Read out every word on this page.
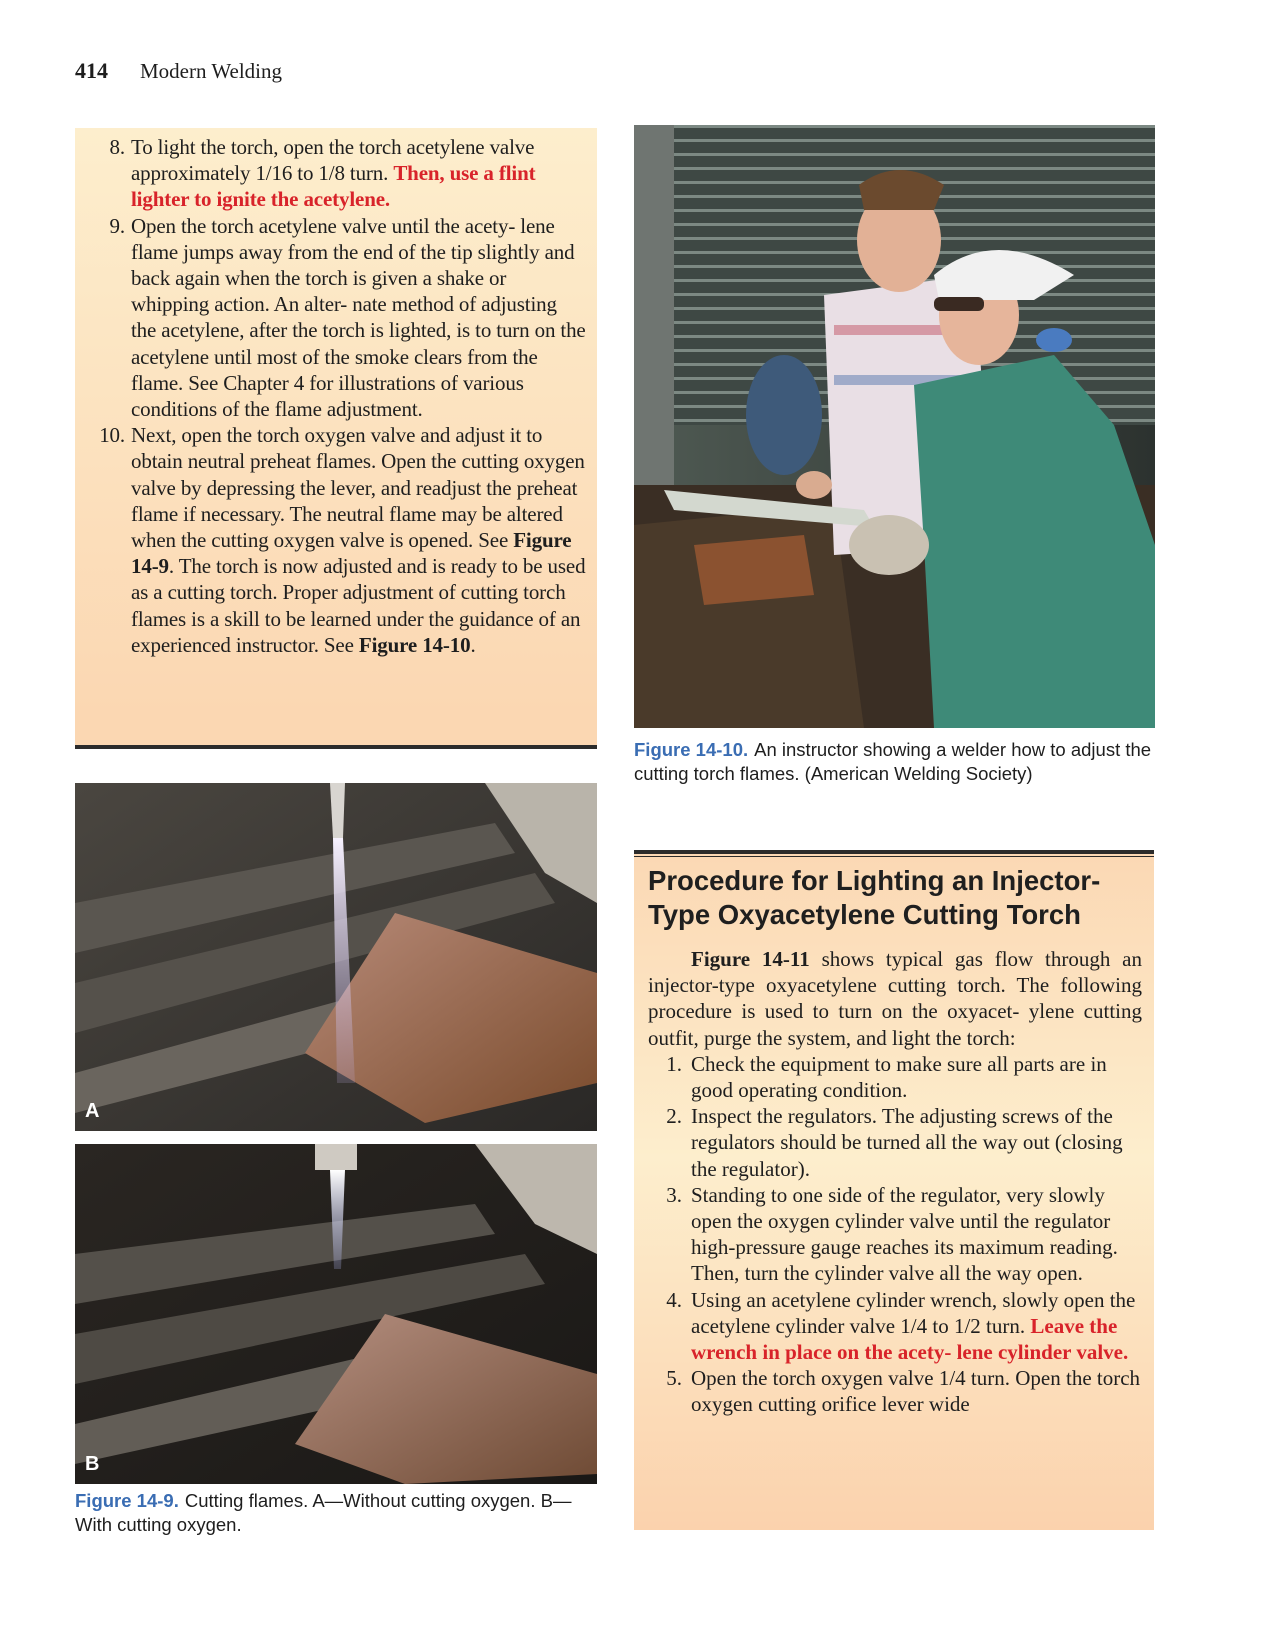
414 Modern Welding
8. To light the torch, open the torch acetylene valve approximately 1/16 to 1/8 turn. Then, use a flint lighter to ignite the acetylene.
9. Open the torch acetylene valve until the acety- lene flame jumps away from the end of the tip slightly and back again when the torch is given a shake or whipping action. An alter- nate method of adjusting the acetylene, after the torch is lighted, is to turn on the acetylene until most of the smoke clears from the flame. See Chapter 4 for illustrations of various conditions of the flame adjustment.
10. Next, open the torch oxygen valve and adjust it to obtain neutral preheat flames. Open the cutting oxygen valve by depressing the lever, and readjust the preheat flame if necessary. The neutral flame may be altered when the cutting oxygen valve is opened. See Figure 14-9. The torch is now adjusted and is ready to be used as a cutting torch. Proper adjustment of cutting torch flames is a skill to be learned under the guidance of an experienced instructor. See Figure 14-10.
A
B
Figure 14-9. Cutting flames. A—Without cutting oxygen. B—With cutting oxygen.
Figure 14-10. An instructor showing a welder how to adjust the cutting torch flames. (American Welding Society)
Procedure for Lighting an Injector-Type Oxyacetylene Cutting Torch

Figure 14-11 shows typical gas flow through an injector-type oxyacetylene cutting torch. The following procedure is used to turn on the oxyacet- ylene cutting outfit, purge the system, and light the torch:

1. Check the equipment to make sure all parts are in good operating condition.
2. Inspect the regulators. The adjusting screws of the regulators should be turned all the way out (closing the regulator).
3. Standing to one side of the regulator, very slowly open the oxygen cylinder valve until the regulator high-pressure gauge reaches its maximum reading. Then, turn the cylinder valve all the way open.
4. Using an acetylene cylinder wrench, slowly open the acetylene cylinder valve 1/4 to 1/2 turn. Leave the wrench in place on the acety- lene cylinder valve.
5. Open the torch oxygen valve 1/4 turn. Open the torch oxygen cutting orifice lever wide
